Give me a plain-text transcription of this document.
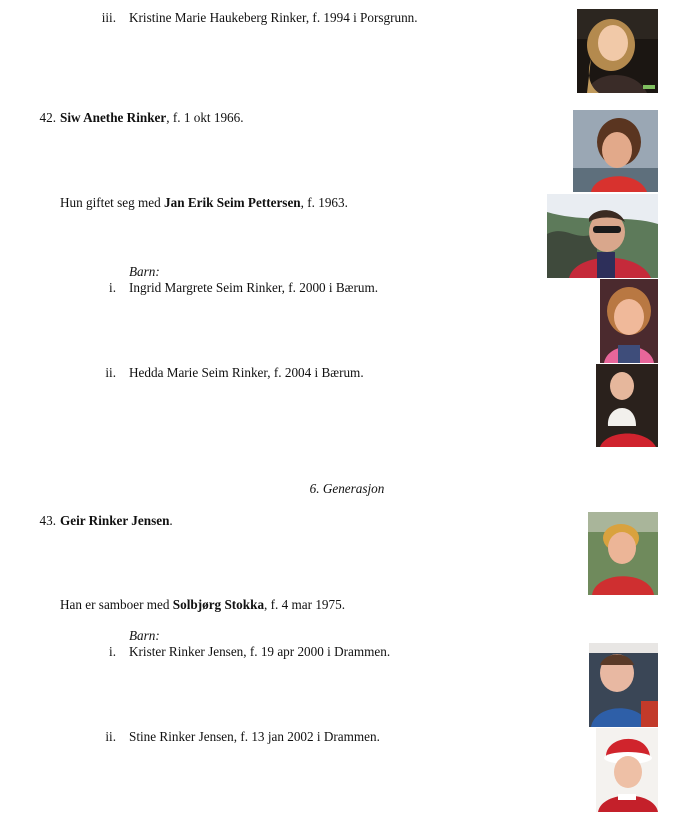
iii. Kristine Marie Haukeberg Rinker, f. 1994 i Porsgrunn.
42. Siw Anethe Rinker, f. 1 okt 1966.
Hun giftet seg med Jan Erik Seim Pettersen, f. 1963.
Barn:
i. Ingrid Margrete Seim Rinker, f. 2000 i Bærum.
ii. Hedda Marie Seim Rinker, f. 2004 i Bærum.
6. Generasjon
43. Geir Rinker Jensen.
Han er samboer med Solbjørg Stokka, f. 4 mar 1975.
Barn:
i. Krister Rinker Jensen, f. 19 apr 2000 i Drammen.
ii. Stine Rinker Jensen, f. 13 jan 2002 i Drammen.
